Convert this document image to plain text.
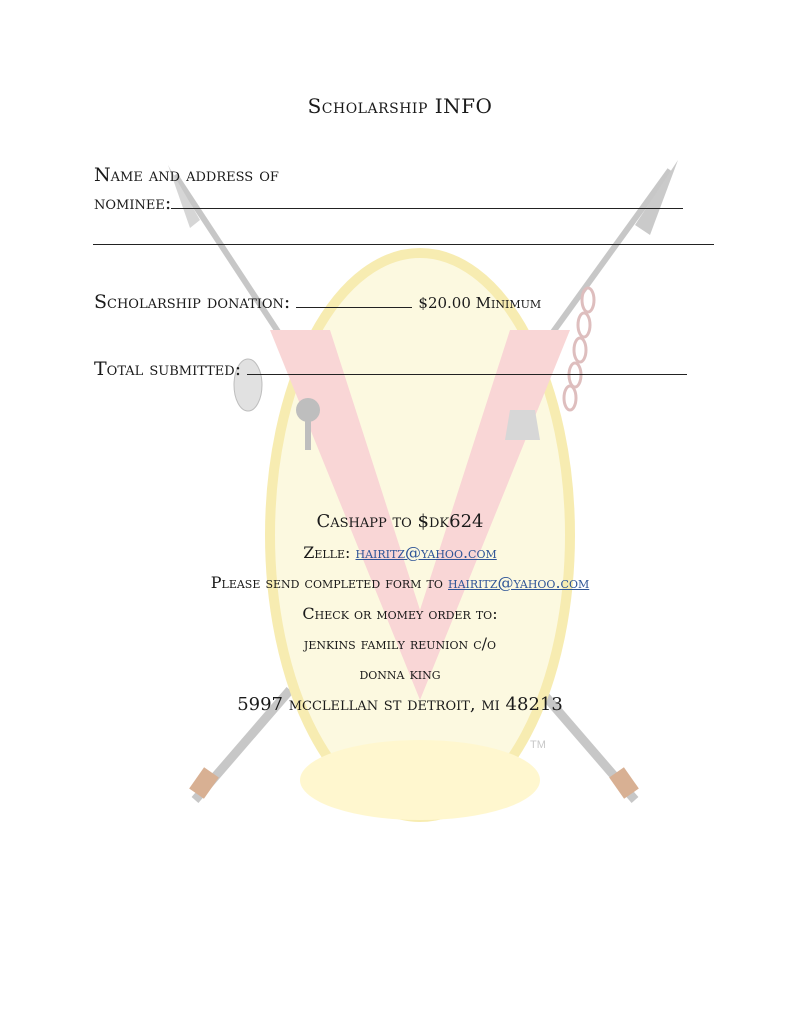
TM
Scholarship INFO
Name and address of
nominee:
Scholarship donation:	$20.00 Minimum
Total submitted:
Cashapp to $dk624
Zelle: hairitz@yahoo.com
Please send completed form to hairitz@yahoo.com
Check or momey order to:
jenkins family reunion c/o
donna king
5997 mcclellan st detroit, mi 48213
